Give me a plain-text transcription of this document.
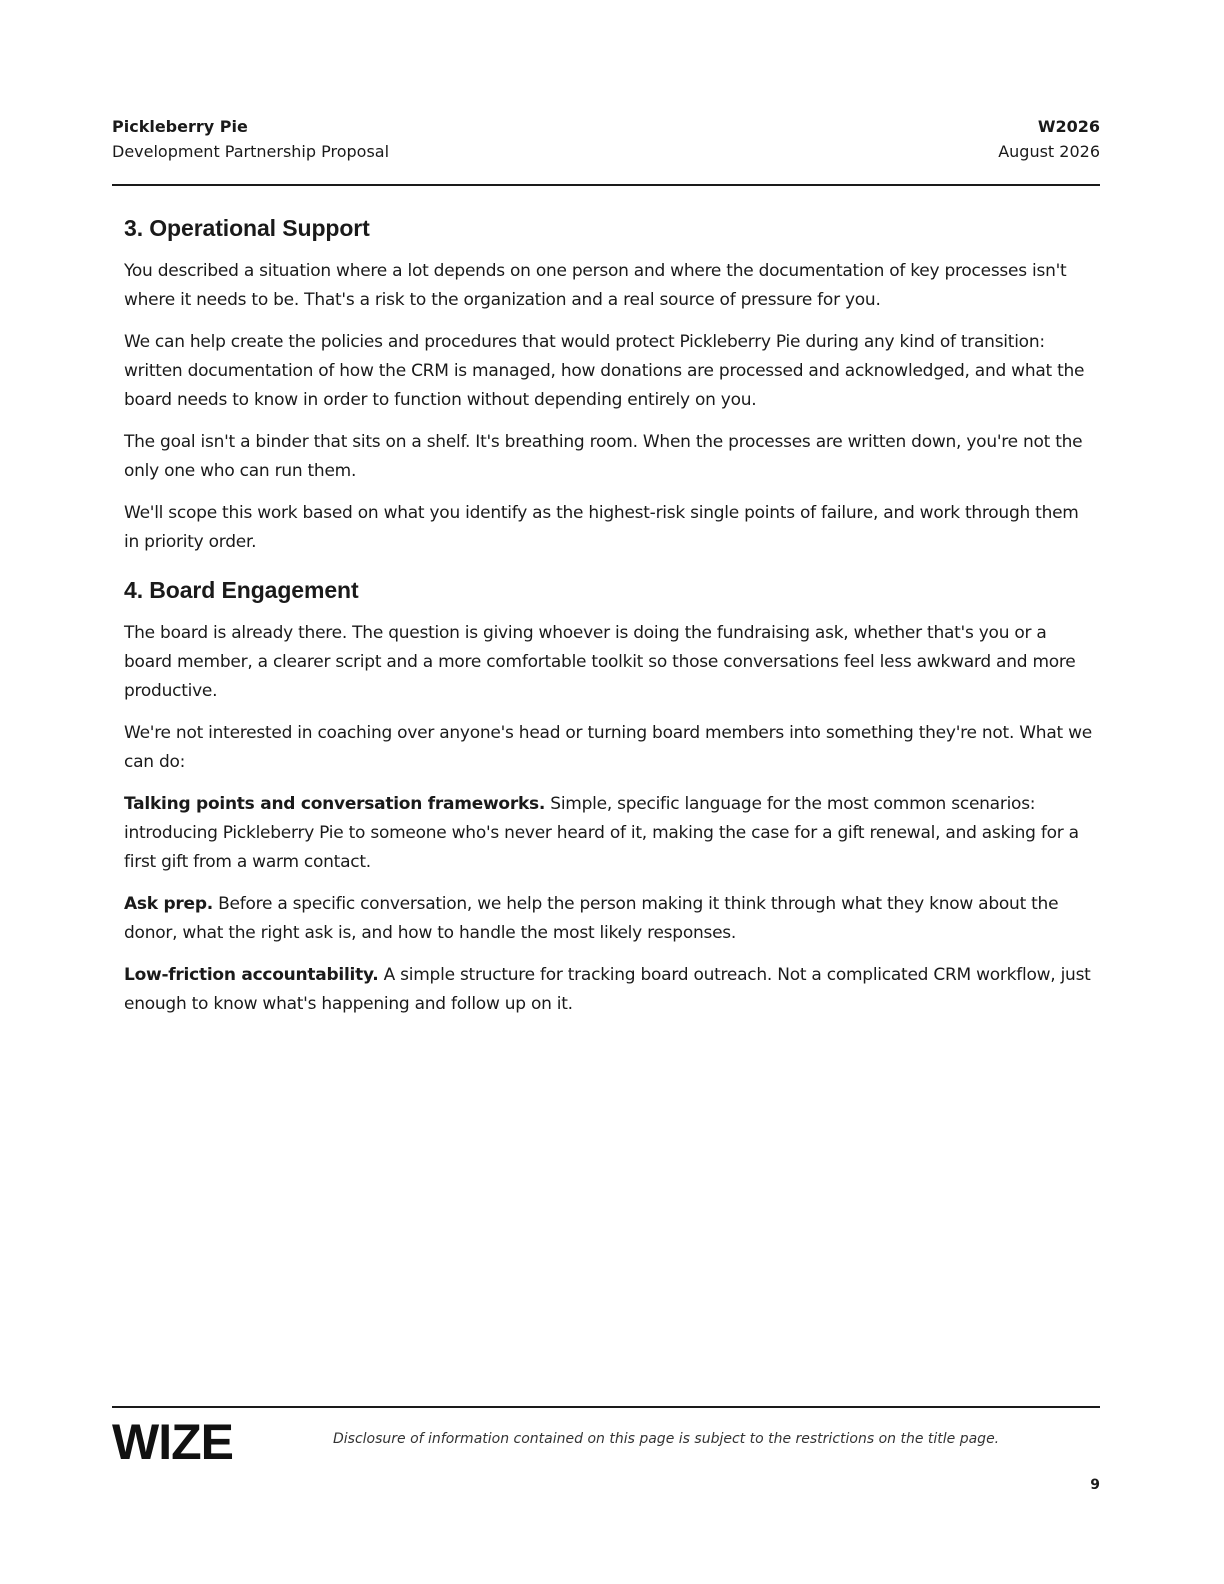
Pickleberry Pie
Development Partnership Proposal
W2026
August 2026
3. Operational Support

You described a situation where a lot depends on one person and where the documentation of key processes isn't where it needs to be. That's a risk to the organization and a real source of pressure for you.

We can help create the policies and procedures that would protect Pickleberry Pie during any kind of transition: written documentation of how the CRM is managed, how donations are processed and acknowledged, and what the board needs to know in order to function without depending entirely on you.

The goal isn't a binder that sits on a shelf. It's breathing room. When the processes are written down, you're not the only one who can run them.

We'll scope this work based on what you identify as the highest-risk single points of failure, and work through them in priority order.

4. Board Engagement

The board is already there. The question is giving whoever is doing the fundraising ask, whether that's you or a board member, a clearer script and a more comfortable toolkit so those conversations feel less awkward and more productive.

We're not interested in coaching over anyone's head or turning board members into something they're not. What we can do:

Talking points and conversation frameworks. Simple, specific language for the most common scenarios: introducing Pickleberry Pie to someone who's never heard of it, making the case for a gift renewal, and asking for a first gift from a warm contact.

Ask prep. Before a specific conversation, we help the person making it think through what they know about the donor, what the right ask is, and how to handle the most likely responses.

Low-friction accountability. A simple structure for tracking board outreach. Not a complicated CRM workflow, just enough to know what's happening and follow up on it.

WIZE	Disclosure of information contained on this page is subject to the restrictions on the title page.
9
